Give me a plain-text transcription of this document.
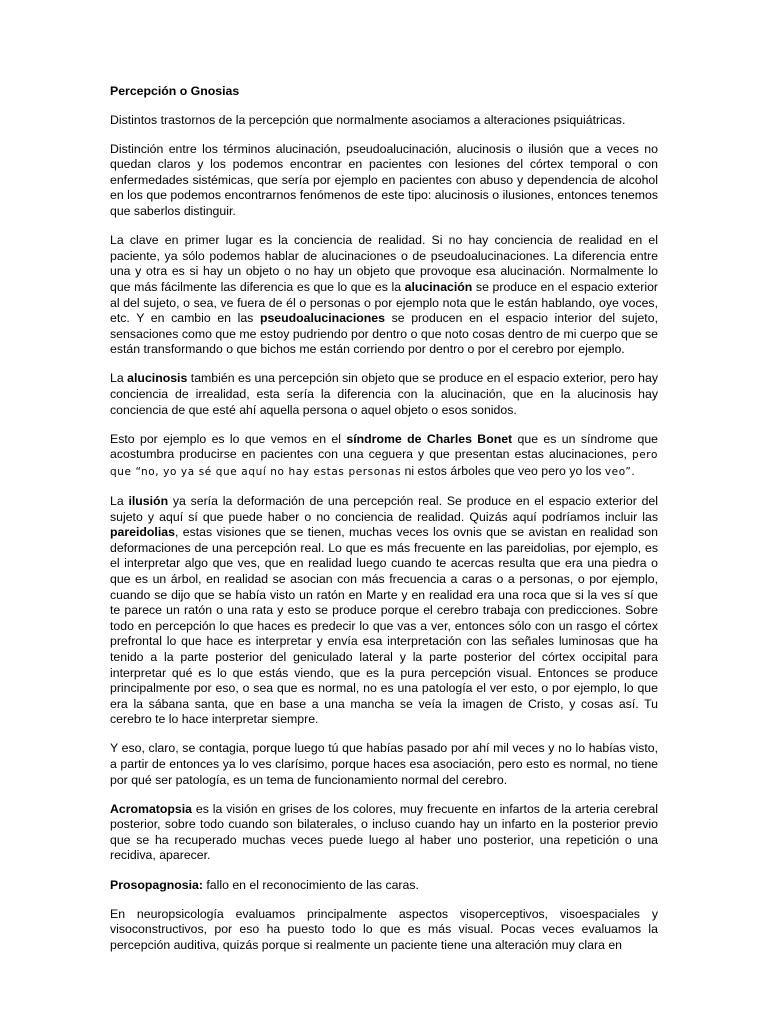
Percepción o Gnosias

Distintos trastornos de la percepción que normalmente asociamos a alteraciones psiquiátricas.

Distinción entre los términos alucinación, pseudoalucinación, alucinosis o ilusión que a veces no quedan claros y los podemos encontrar en pacientes con lesiones del córtex temporal o con enfermedades sistémicas, que sería por ejemplo en pacientes con abuso y dependencia de alcohol en los que podemos encontrarnos fenómenos de este tipo: alucinosis o ilusiones, entonces tenemos que saberlos distinguir.

La clave en primer lugar es la conciencia de realidad. Si no hay conciencia de realidad en el paciente, ya sólo podemos hablar de alucinaciones o de pseudoalucinaciones. La diferencia entre una y otra es si hay un objeto o no hay un objeto que provoque esa alucinación. Normalmente lo que más fácilmente las diferencia es que lo que es la alucinación se produce en el espacio exterior al del sujeto, o sea, ve fuera de él o personas o por ejemplo nota que le están hablando, oye voces, etc. Y en cambio en las pseudoalucinaciones se producen en el espacio interior del sujeto, sensaciones como que me estoy pudriendo por dentro o que noto cosas dentro de mi cuerpo que se están transformando o que bichos me están corriendo por dentro o por el cerebro por ejemplo.

La alucinosis también es una percepción sin objeto que se produce en el espacio exterior, pero hay conciencia de irrealidad, esta sería la diferencia con la alucinación, que en la alucinosis hay conciencia de que esté ahí aquella persona o aquel objeto o esos sonidos.

Esto por ejemplo es lo que vemos en el síndrome de Charles Bonet que es un síndrome que acostumbra producirse en pacientes con una ceguera y que presentan estas alucinaciones, pero que “no, yo ya sé que aquí no hay estas personas ni estos árboles que veo pero yo los veo”.

La ilusión ya sería la deformación de una percepción real. Se produce en el espacio exterior del sujeto y aquí sí que puede haber o no conciencia de realidad. Quizás aquí podríamos incluir las pareidolias, estas visiones que se tienen, muchas veces los ovnis que se avistan en realidad son deformaciones de una percepción real. Lo que es más frecuente en las pareidolias, por ejemplo, es el interpretar algo que ves, que en realidad luego cuando te acercas resulta que era una piedra o que es un árbol, en realidad se asocian con más frecuencia a caras o a personas, o por ejemplo, cuando se dijo que se había visto un ratón en Marte y en realidad era una roca que si la ves sí que te parece un ratón o una rata y esto se produce porque el cerebro trabaja con predicciones. Sobre todo en percepción lo que haces es predecir lo que vas a ver, entonces sólo con un rasgo el córtex prefrontal lo que hace es interpretar y envía esa interpretación con las señales luminosas que ha tenido a la parte posterior del geniculado lateral y la parte posterior del córtex occipital para interpretar qué es lo que estás viendo, que es la pura percepción visual. Entonces se produce principalmente por eso, o sea que es normal, no es una patología el ver esto, o por ejemplo, lo que era la sábana santa, que en base a una mancha se veía la imagen de Cristo, y cosas así. Tu cerebro te lo hace interpretar siempre.

Y eso, claro, se contagia, porque luego tú que habías pasado por ahí mil veces y no lo habías visto, a partir de entonces ya lo ves clarísimo, porque haces esa asociación, pero esto es normal, no tiene por qué ser patología, es un tema de funcionamiento normal del cerebro.

Acromatopsia es la visión en grises de los colores, muy frecuente en infartos de la arteria cerebral posterior, sobre todo cuando son bilaterales, o incluso cuando hay un infarto en la posterior previo que se ha recuperado muchas veces puede luego al haber uno posterior, una repetición o una recidiva, aparecer.

Prosopagnosia: fallo en el reconocimiento de las caras.

En neuropsicología evaluamos principalmente aspectos visoperceptivos, visoespaciales y visoconstructivos, por eso ha puesto todo lo que es más visual. Pocas veces evaluamos la percepción auditiva, quizás porque si realmente un paciente tiene una alteración muy clara en
